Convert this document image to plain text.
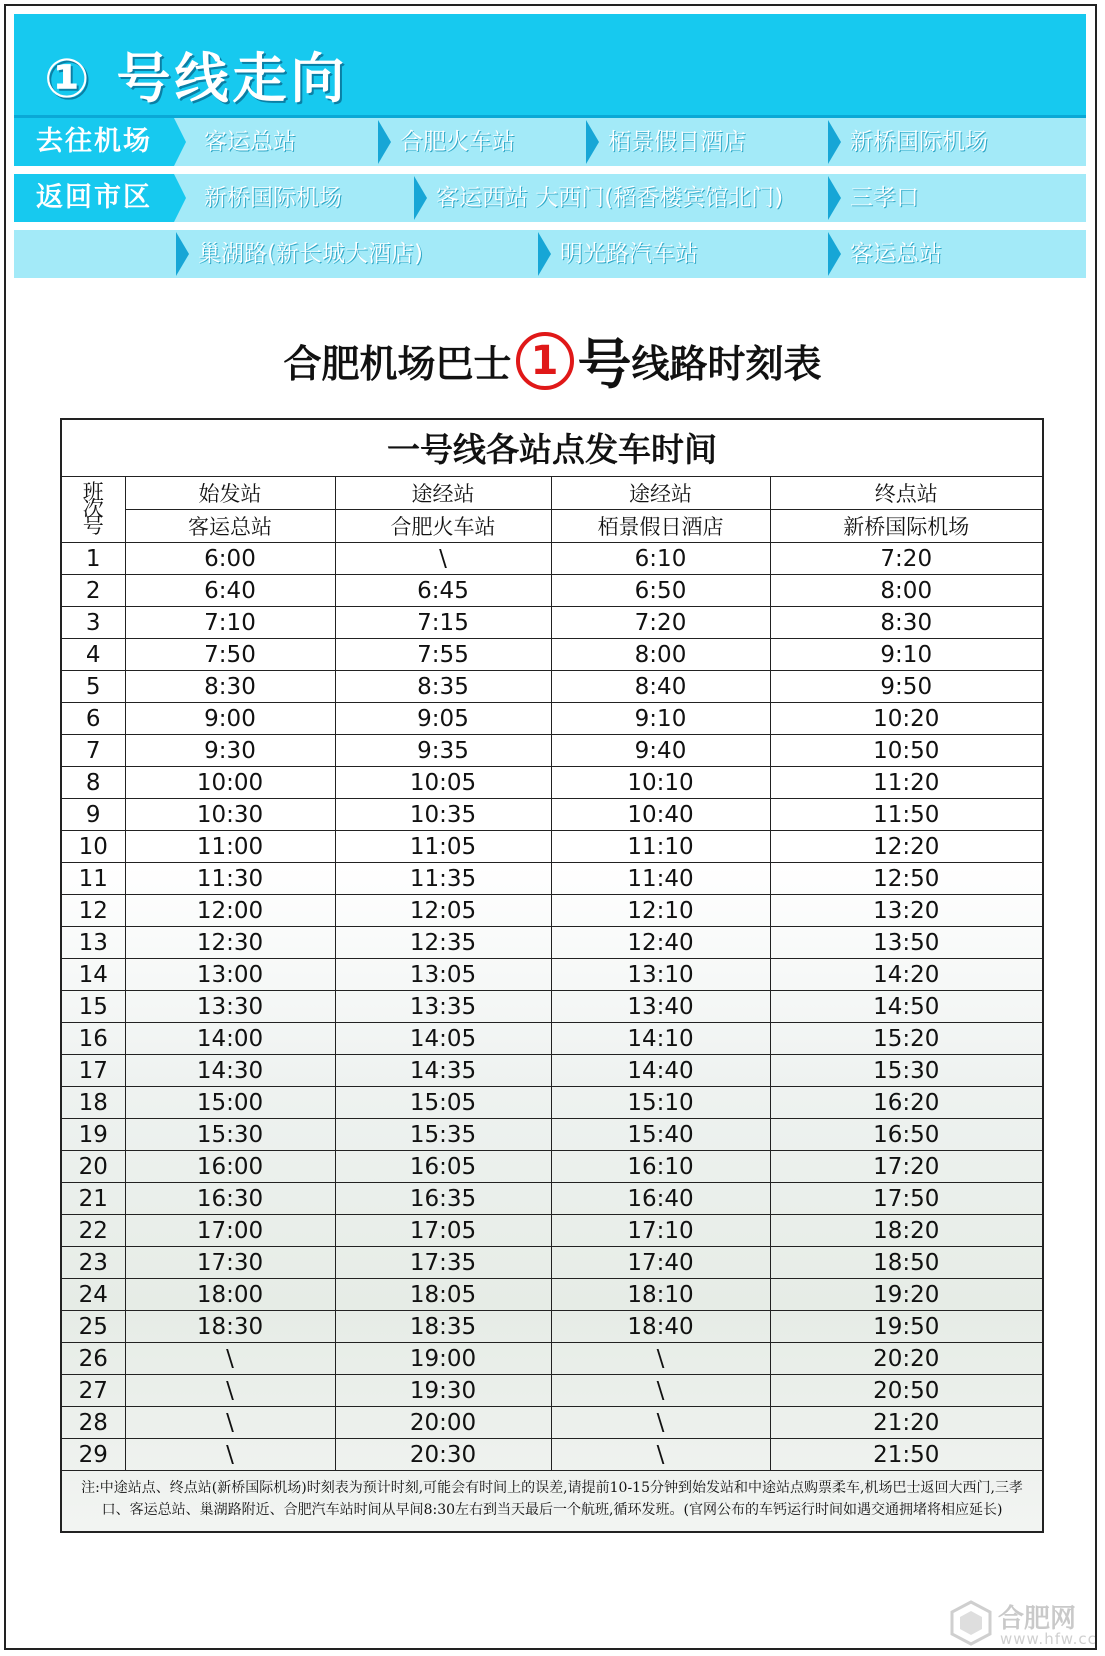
① 号线走向
去往机场	客运总站	合肥火车站	栢景假日酒店	新桥国际机场
返回市区	新桥国际机场	客运西站 大西门(稻香楼宾馆北门)	三孝口
巢湖路(新长城大酒店)	明光路汽车站	客运总站
合肥机场巴士 1 号线路时刻表
一号线各站点发车时间
班
次
号	始发站	途经站	途经站	终点站
	客运总站	合肥火车站	栢景假日酒店	新桥国际机场
1	6:00	\	6:10	7:20
2	6:40	6:45	6:50	8:00
3	7:10	7:15	7:20	8:30
4	7:50	7:55	8:00	9:10
5	8:30	8:35	8:40	9:50
6	9:00	9:05	9:10	10:20
7	9:30	9:35	9:40	10:50
8	10:00	10:05	10:10	11:20
9	10:30	10:35	10:40	11:50
10	11:00	11:05	11:10	12:20
11	11:30	11:35	11:40	12:50
12	12:00	12:05	12:10	13:20
13	12:30	12:35	12:40	13:50
14	13:00	13:05	13:10	14:20
15	13:30	13:35	13:40	14:50
16	14:00	14:05	14:10	15:20
17	14:30	14:35	14:40	15:30
18	15:00	15:05	15:10	16:20
19	15:30	15:35	15:40	16:50
20	16:00	16:05	16:10	17:20
21	16:30	16:35	16:40	17:50
22	17:00	17:05	17:10	18:20
23	17:30	17:35	17:40	18:50
24	18:00	18:05	18:10	19:20
25	18:30	18:35	18:40	19:50
26	\	19:00	\	20:20
27	\	19:30	\	20:50
28	\	20:00	\	21:20
29	\	20:30	\	21:50
注:中途站点、终点站(新桥国际机场)时刻表为预计时刻,可能会有时间上的误差,请提前10-15分钟到始发站和中途站点购票柔车,机场巴士返回大西门,三孝口、客运总站、巢湖路附近、合肥汽车站时间从早间8:30左右到当天最后一个航班,循环发班。(官网公布的车钙运行时间如遇交通拥堵将相应延长)
合肥网
www.hfw.cc
